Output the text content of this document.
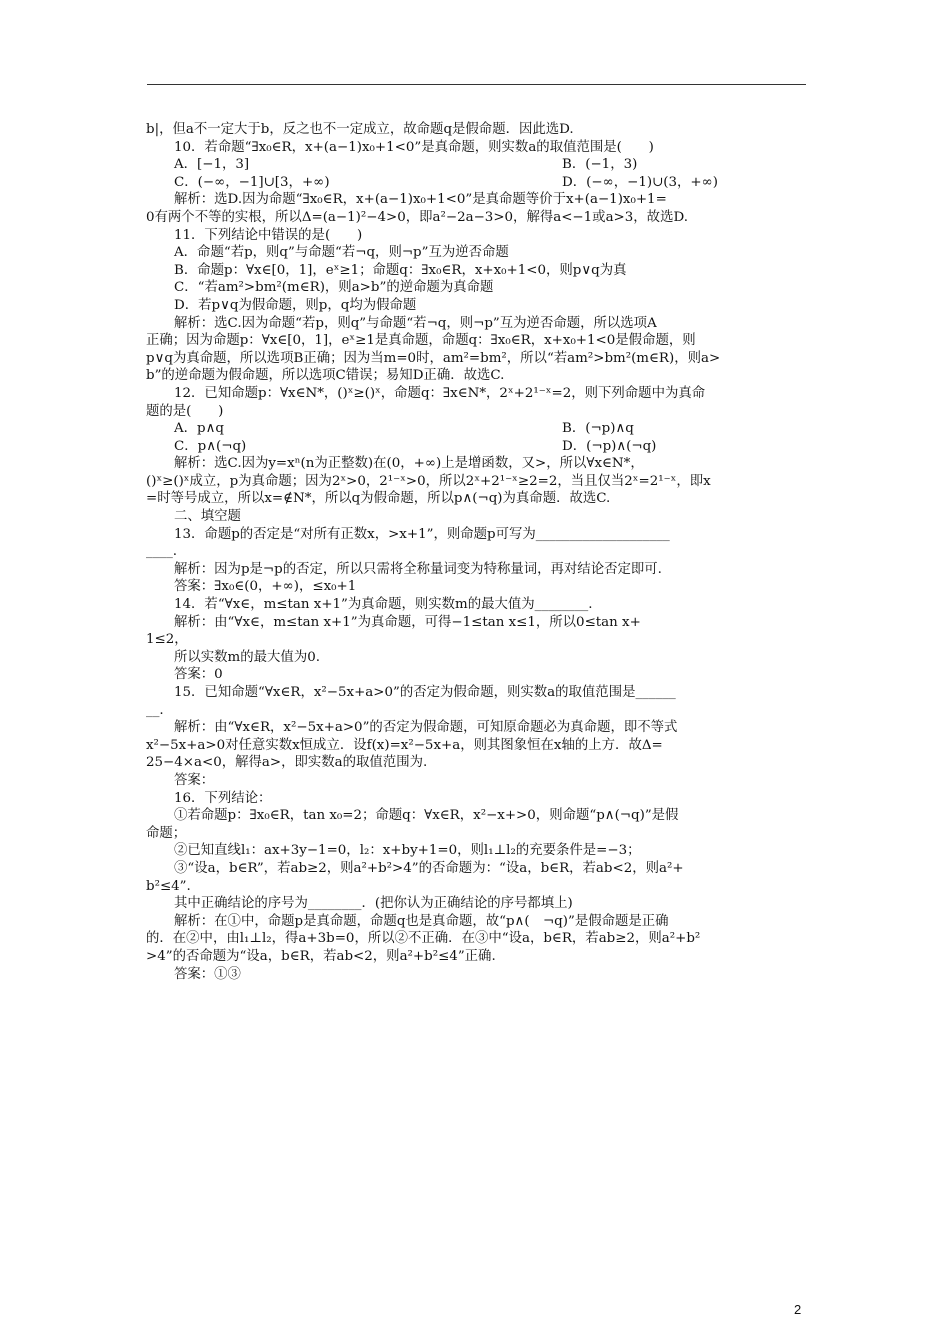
b|，但a不一定大于b，反之也不一定成立，故命题q是假命题．因此选D.
10．若命题“∃x₀∈R，x+(a−1)x₀+1<0”是真命题，则实数a的取值范围是(　　)
A．[−1，3]	B．(−1，3)
C．(−∞，−1]∪[3，+∞)	D．(−∞，−1)∪(3，+∞)
解析：选D.因为命题“∃x₀∈R，x+(a−1)x₀+1<0”是真命题等价于x+(a−1)x₀+1=
0有两个不等的实根，所以Δ=(a−1)²−4>0，即a²−2a−3>0，解得a<−1或a>3，故选D.
11．下列结论中错误的是(　　)
A．命题“若p，则q”与命题“若¬q，则¬p”互为逆否命题
B．命题p：∀x∈[0，1]，eˣ≥1；命题q：∃x₀∈R，x+x₀+1<0，则p∨q为真
C．“若am²>bm²(m∈R)，则a>b”的逆命题为真命题
D．若p∨q为假命题，则p，q均为假命题
解析：选C.因为命题“若p，则q”与命题“若¬q，则¬p”互为逆否命题，所以选项A
正确；因为命题p：∀x∈[0，1]，eˣ≥1是真命题，命题q：∃x₀∈R，x+x₀+1<0是假命题，则
p∨q为真命题，所以选项B正确；因为当m=0时，am²=bm²，所以“若am²>bm²(m∈R)，则a>
b”的逆命题为假命题，所以选项C错误；易知D正确．故选C.
12．已知命题p：∀x∈N*，()ˣ≥()ˣ，命题q：∃x∈N*，2ˣ+2¹⁻ˣ=2，则下列命题中为真命
题的是(　　)
A．p∧q	B．(¬p)∧q
C．p∧(¬q)	D．(¬p)∧(¬q)
解析：选C.因为y=xⁿ(n为正整数)在(0，+∞)上是增函数，又>，所以∀x∈N*，
()ˣ≥()ˣ成立，p为真命题；因为2ˣ>0，2¹⁻ˣ>0，所以2ˣ+2¹⁻ˣ≥2=2，当且仅当2ˣ=2¹⁻ˣ，即x
=时等号成立，所以x=∉N*，所以q为假命题，所以p∧(¬q)为真命题．故选C.
二、填空题
13．命题p的否定是“对所有正数x，>x+1”，则命题p可写为____________________
____.
解析：因为p是¬p的否定，所以只需将全称量词变为特称量词，再对结论否定即可.
答案：∃x₀∈(0，+∞)，≤x₀+1
14．若“∀x∈，m≤tan x+1”为真命题，则实数m的最大值为________.
解析：由“∀x∈，m≤tan x+1”为真命题，可得−1≤tan x≤1，所以0≤tan x+
1≤2，
所以实数m的最大值为0.
答案：0
15．已知命题“∀x∈R，x²−5x+a>0”的否定为假命题，则实数a的取值范围是______
__.
解析：由“∀x∈R，x²−5x+a>0”的否定为假命题，可知原命题必为真命题，即不等式
x²−5x+a>0对任意实数x恒成立．设f(x)=x²−5x+a，则其图象恒在x轴的上方．故Δ=
25−4×a<0，解得a>，即实数a的取值范围为.
答案：
16．下列结论：
①若命题p：∃x₀∈R，tan x₀=2；命题q：∀x∈R，x²−x+>0，则命题“p∧(¬q)”是假
命题；
②已知直线l₁：ax+3y−1=0，l₂：x+by+1=0，则l₁⊥l₂的充要条件是=−3；
③“设a，b∈R”，若ab≥2，则a²+b²>4”的否命题为：“设a，b∈R，若ab<2，则a²+
b²≤4”.
其中正确结论的序号为________．(把你认为正确结论的序号都填上)
解析：在①中，命题p是真命题，命题q也是真命题，故“p∧(　¬q)”是假命题是正确
的．在②中，由l₁⊥l₂，得a+3b=0，所以②不正确．在③中“设a，b∈R，若ab≥2，则a²+b²
>4”的否命题为“设a，b∈R，若ab<2，则a²+b²≤4”正确.
答案：①③
2
